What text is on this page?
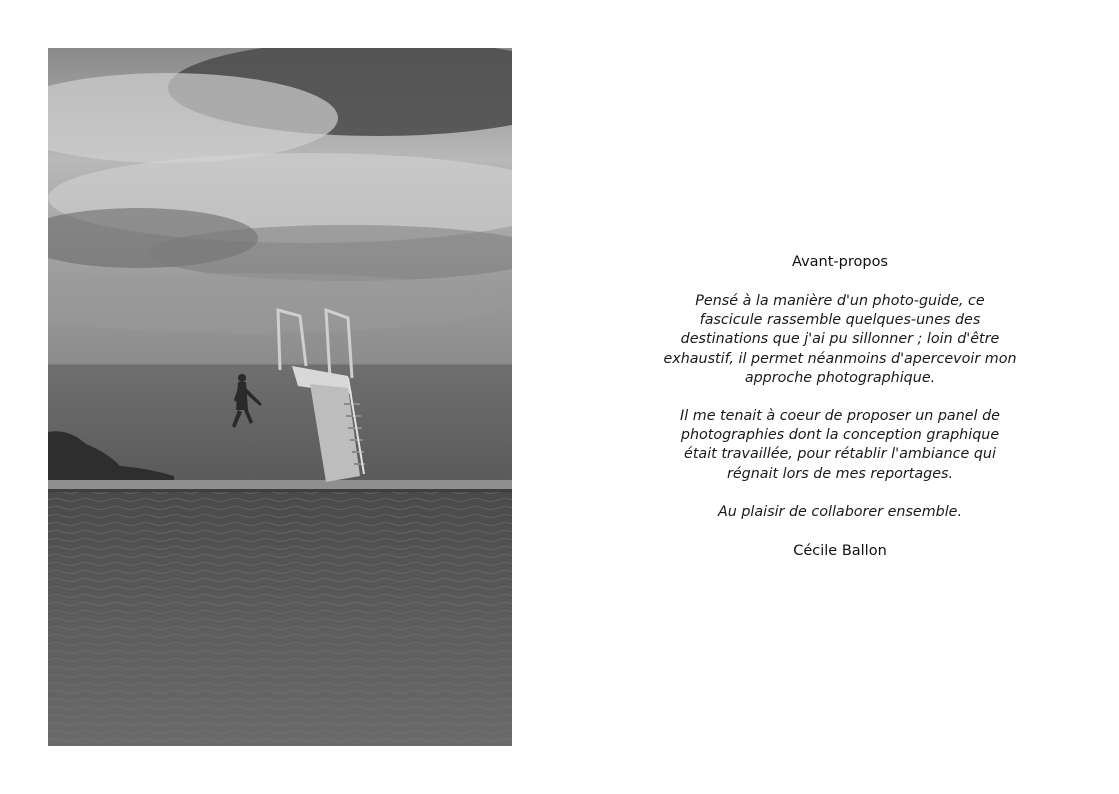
Avant-propos

Pensé à la manière d'un photo-guide, ce
fascicule rassemble quelques-unes des
destinations que j'ai pu sillonner ; loin d'être
exhaustif, il permet néanmoins d'apercevoir mon
approche photographique.

Il me tenait à coeur de proposer un panel de
photographies dont la conception graphique
était travaillée, pour rétablir l'ambiance qui
régnait lors de mes reportages.

Au plaisir de collaborer ensemble.

Cécile Ballon
